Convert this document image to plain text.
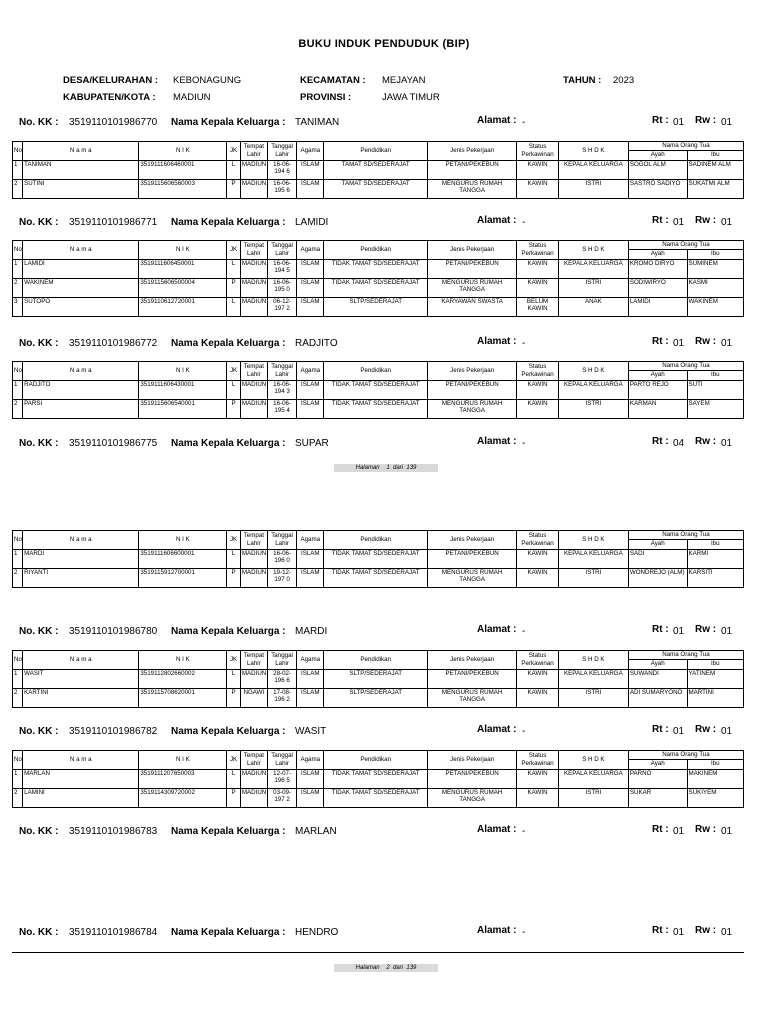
BUKU INDUK PENDUDUK (BIP)
DESA/KELURAHAN : KEBONAGUNG
KABUPATEN/KOTA : MADIUN
KECAMATAN : MEJAYAN
PROVINSI :	JAWA TIMUR
TAHUN : 2023
No. KK : 3519110101986770 Nama Kepala Keluarga : TANIMAN	Alamat : -	Rt : 01 Rw : 01
No	N a m a	N I K	JK	Tempat Lahir	Tanggal Lahir	Agama	Pendidikan	Jenis Pekerjaan	Status Perkawinan	S H D K	Nama Orang Tua	
											Ayah	Ibu
1	TANIMAN	3519111606460001	L	MADIUN	16-06-194 6	ISLAM	TAMAT SD/SEDERAJAT	PETANI/PEKEBUN	KAWIN	KEPALA KELUARGA	SOGOL ALM	SADINEM ALM
2	SUTINI	3519115606560003	P	MADIUN	16-06-195 6	ISLAM	TAMAT SD/SEDERAJAT	MENGURUS RUMAH TANGGA	KAWIN	ISTRI	SASTRO SADIYO	SUKATMI ALM
No. KK : 3519110101986771 Nama Kepala Keluarga : LAMIDI	Alamat : -	Rt : 01 Rw : 01
No	N a m a	N I K	JK	Tempat Lahir	Tanggal Lahir	Agama	Pendidikan	Jenis Pekerjaan	Status Perkawinan	S H D K	Nama Orang Tua	
											Ayah	Ibu
1	LAMIDI	3519111606450001	L	MADIUN	16-06-194 5	ISLAM	TIDAK TAMAT SD/SEDERAJAT	PETANI/PEKEBUN	KAWIN	KEPALA KELUARGA	KROMO DIRYO	SUMINEM
2	WAKINEM	3519115606500004	P	MADIUN	16-06-195 0	ISLAM	TIDAK TAMAT SD/SEDERAJAT	MENGURUS RUMAH TANGGA	KAWIN	ISTRI	SODIWIRYO	KASMI
3	SUTOPO	3519110612720001	L	MADIUN	06-12-197 2	ISLAM	SLTP/SEDERAJAT	KARYAWAN SWASTA	BELUM KAWIN	ANAK	LAMIDI	WAKINEM
No. KK : 3519110101986772 Nama Kepala Keluarga : RADJITO	Alamat : -	Rt : 01 Rw : 01
No	N a m a	N I K	JK	Tempat Lahir	Tanggal Lahir	Agama	Pendidikan	Jenis Pekerjaan	Status Perkawinan	S H D K	Nama Orang Tua	
											Ayah	Ibu
1	RADJITO	3519111606430001	L	MADIUN	16-06-194 3	ISLAM	TIDAK TAMAT SD/SEDERAJAT	PETANI/PEKEBUN	KAWIN	KEPALA KELUARGA	PARTO REJO	SUTI
2	PARSI	3519115606540001	P	MADIUN	16-06-195 4	ISLAM	TIDAK TAMAT SD/SEDERAJAT	MENGURUS RUMAH TANGGA	KAWIN	ISTRI	KARMAN	SAYEM
No. KK : 3519110101986775 Nama Kepala Keluarga : SUPAR	Alamat : -	Rt : 04 Rw : 01
No. KK : 3519110101986780 Nama Kepala Keluarga : MARDI	Alamat : -	Rt : 01 Rw : 01
No	N a m a	N I K	JK	Tempat Lahir	Tanggal Lahir	Agama	Pendidikan	Jenis Pekerjaan	Status Perkawinan	S H D K	Nama Orang Tua	
											Ayah	Ibu
1	MARDI	3519111606600001	L	MADIUN	16-06-196 0	ISLAM	TIDAK TAMAT SD/SEDERAJAT	PETANI/PEKEBUN	KAWIN	KEPALA KELUARGA	SADI	KARMI
2	RIYANTI	3519115912700001	P	MADIUN	19-12-197 0	ISLAM	TIDAK TAMAT SD/SEDERAJAT	MENGURUS RUMAH TANGGA	KAWIN	ISTRI	WONDREJO (ALM)	KARSITI
No. KK : 3519110101986782 Nama Kepala Keluarga : WASIT	Alamat : -	Rt : 01 Rw : 01
No	N a m a	N I K	JK	Tempat Lahir	Tanggal Lahir	Agama	Pendidikan	Jenis Pekerjaan	Status Perkawinan	S H D K	Nama Orang Tua	
											Ayah	Ibu
1	WASIT	3519112802660002	L	MADIUN	28-02-196 6	ISLAM	SLTP/SEDERAJAT	PETANI/PEKEBUN	KAWIN	KEPALA KELUARGA	SUWANDI	YATINEM
2	KARTINI	3519115708620001	P	NGAWI	17-08-196 2	ISLAM	SLTP/SEDERAJAT	MENGURUS RUMAH TANGGA	KAWIN	ISTRI	ADI SUMARYONO	MARTINI
No. KK : 3519110101986783 Nama Kepala Keluarga : MARLAN	Alamat : -	Rt : 01 Rw : 01
No	N a m a	N I K	JK	Tempat Lahir	Tanggal Lahir	Agama	Pendidikan	Jenis Pekerjaan	Status Perkawinan	S H D K	Nama Orang Tua	
											Ayah	Ibu
1	MARLAN	3519111207650003	L	MADIUN	12-07-196 5	ISLAM	TIDAK TAMAT SD/SEDERAJAT	PETANI/PEKEBUN	KAWIN	KEPALA KELUARGA	PARNO	MAKINEM
2	LAMINI	3519114309720002	P	MADIUN	03-09-197 2	ISLAM	TIDAK TAMAT SD/SEDERAJAT	MENGURUS RUMAH TANGGA	KAWIN	ISTRI	SUKAR	SUKIYEM
No. KK : 3519110101986784 Nama Kepala Keluarga : HENDRO	Alamat : -	Rt : 01 Rw : 01
Halaman 1 dari 139
Halaman 2 dari 139
